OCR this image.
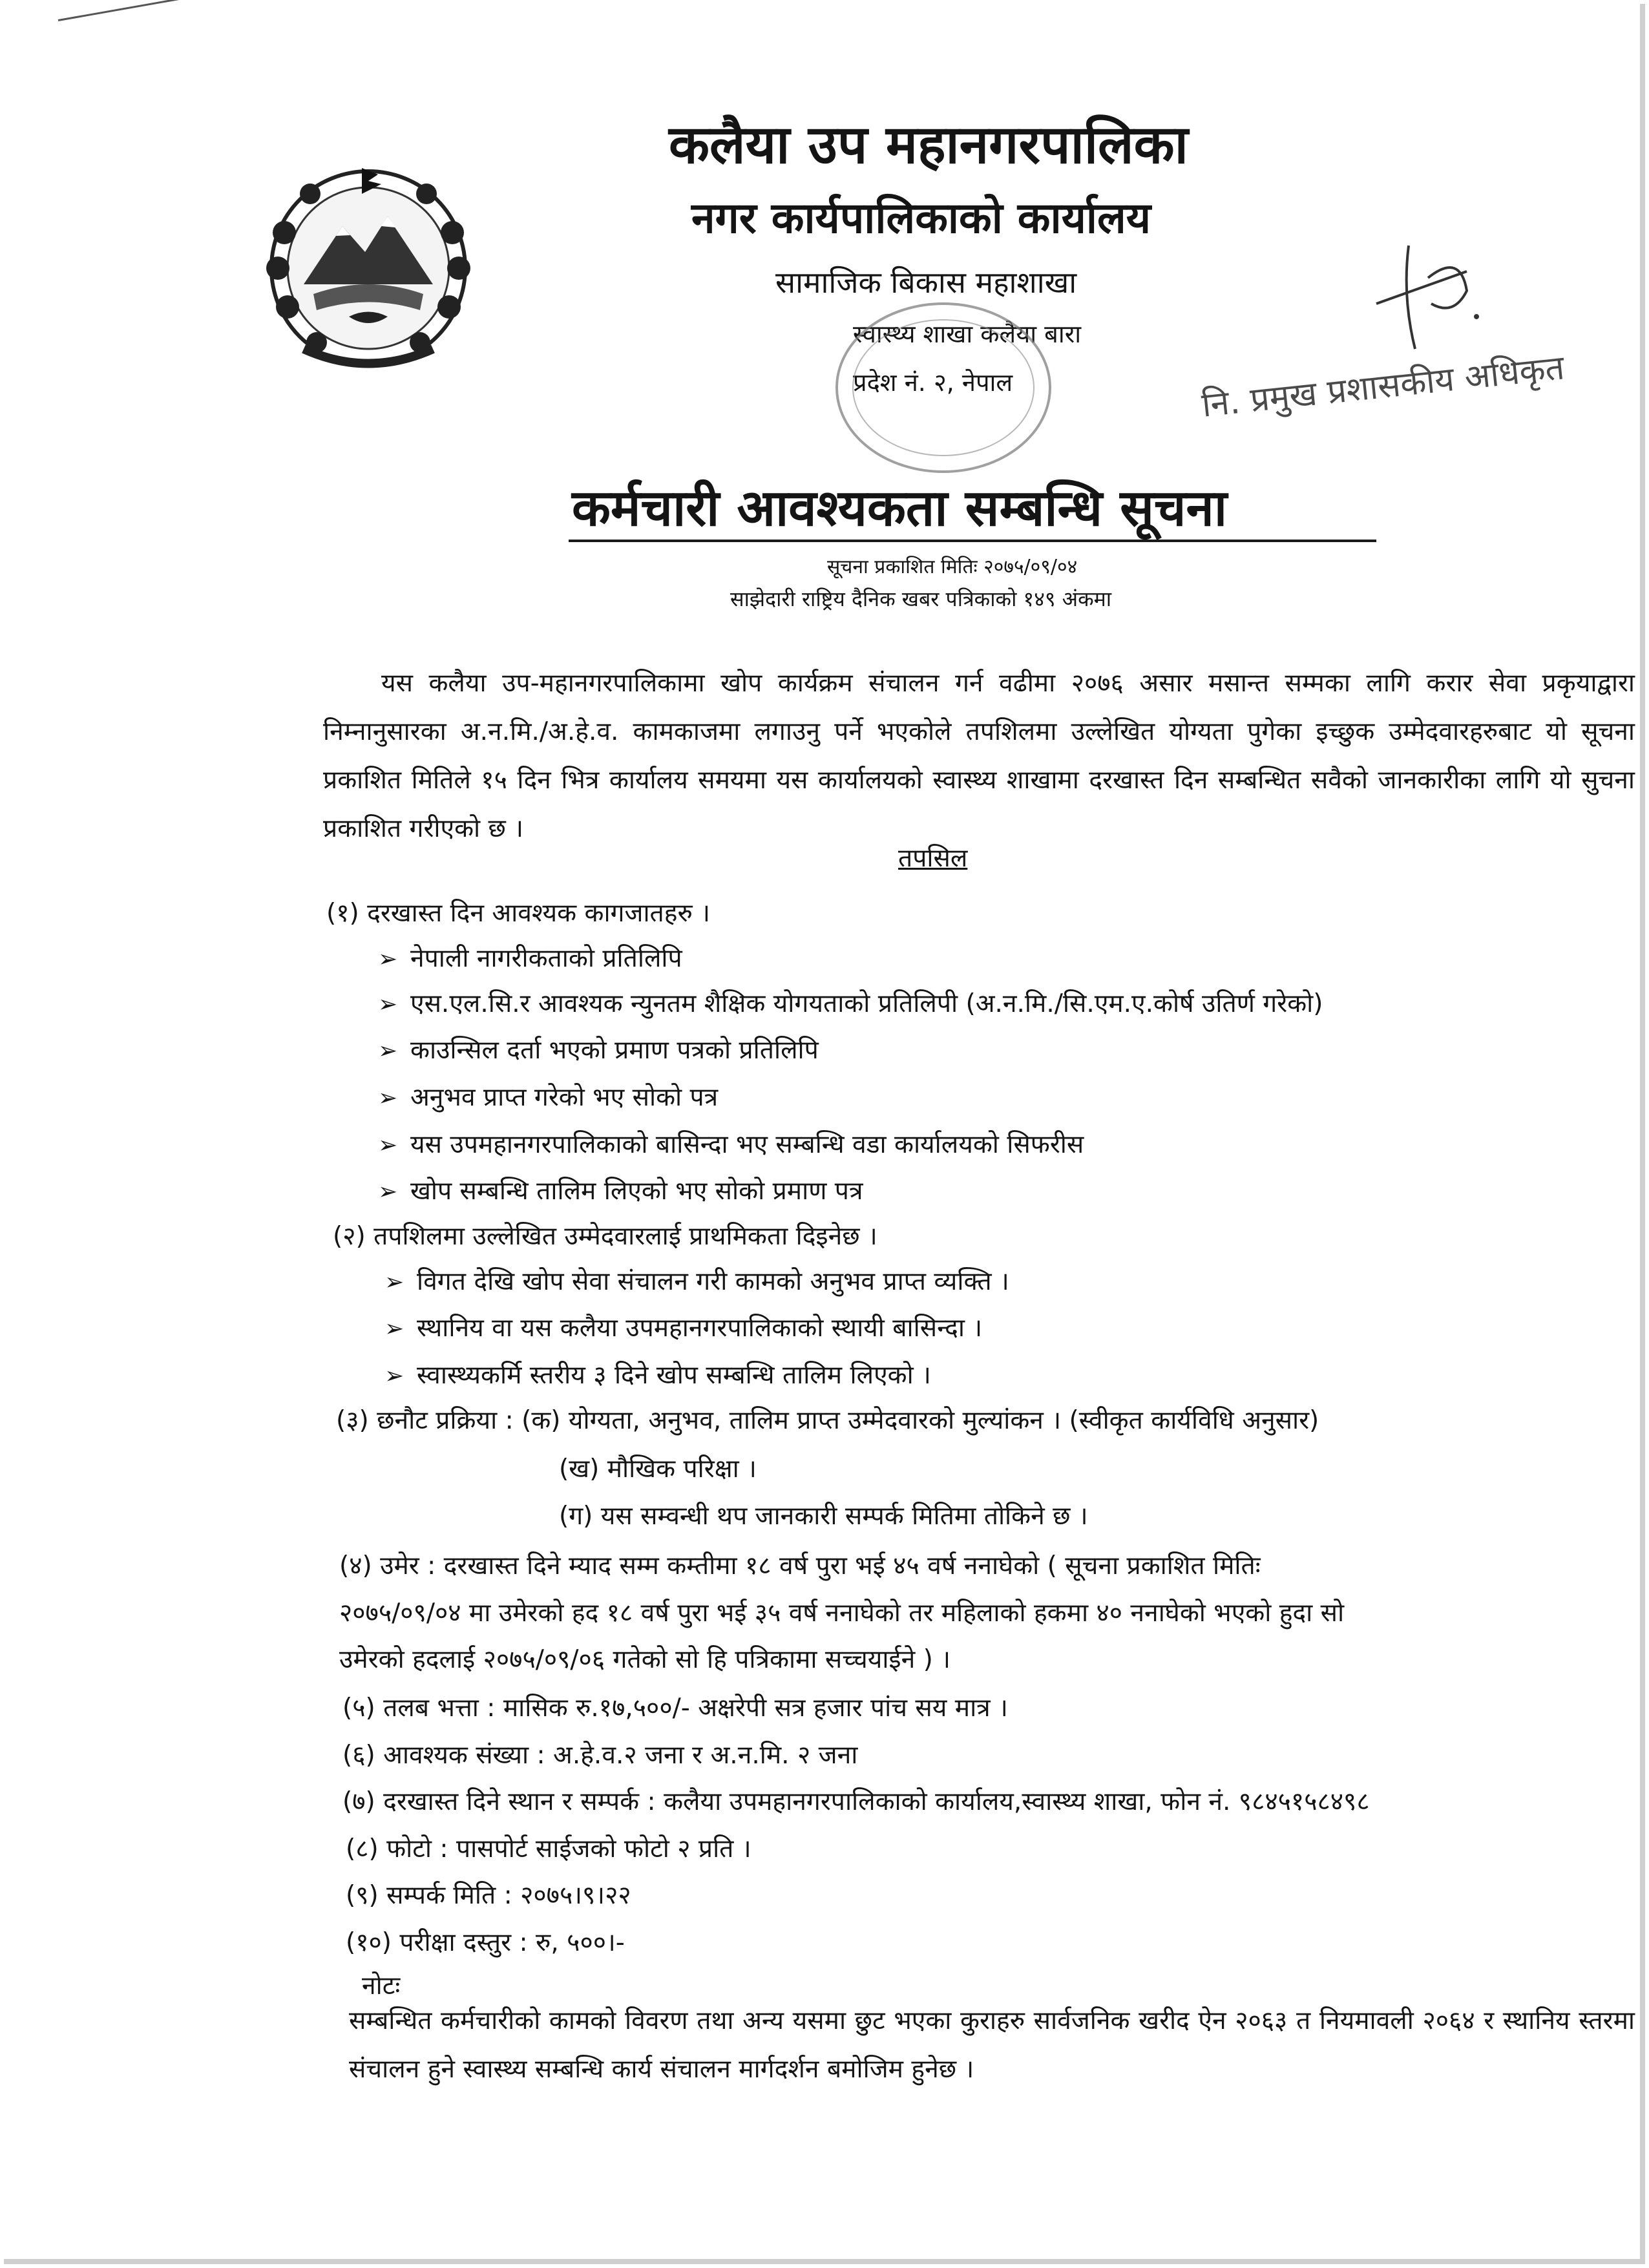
कलैया उप महानगरपालिका
नगर कार्यपालिकाको कार्यालय
सामाजिक बिकास महाशाखा
स्वास्थ्य शाखा कलैया बारा
प्रदेश नं. २, नेपाल	नि. प्रमुख प्रशासकीय अधिकृत
कर्मचारी आवश्यकता सम्बन्धि सूचना
सूचना प्रकाशित मितिः २०७५/०९/०४
साझेदारी राष्ट्रिय दैनिक खबर पत्रिकाको १४९ अंकमा
यस कलैया उप-महानगरपालिकामा खोप कार्यक्रम संचालन गर्न वढीमा २०७६ असार मसान्त सम्मका लागि करार सेवा प्रकृयाद्वारा निम्नानुसारका अ.न.मि./अ.हे.व. कामकाजमा लगाउनु पर्ने भएकोले तपशिलमा उल्लेखित योग्यता पुगेका इच्छुक उम्मेदवारहरुबाट यो सूचना प्रकाशित मितिले १५ दिन भित्र कार्यालय समयमा यस कार्यालयको स्वास्थ्य शाखामा दरखास्त दिन सम्बन्धित सवैको जानकारीका लागि यो सुचना प्रकाशित गरीएको छ ।
तपसिल
(१) दरखास्त दिन आवश्यक कागजातहरु ।
➢ नेपाली नागरीकताको प्रतिलिपि
➢ एस.एल.सि.र आवश्यक न्युनतम शैक्षिक योगयताको प्रतिलिपी (अ.न.मि./सि.एम.ए.कोर्ष उतिर्ण गरेको)
➢ काउन्सिल दर्ता भएको प्रमाण पत्रको प्रतिलिपि
➢ अनुभव प्राप्त गरेको भए सोको पत्र
➢ यस उपमहानगरपालिकाको बासिन्दा भए सम्बन्धि वडा कार्यालयको सिफरीस
➢ खोप सम्बन्धि तालिम लिएको भए सोको प्रमाण पत्र
(२) तपशिलमा उल्लेखित उम्मेदवारलाई प्राथमिकता दिइनेछ ।
➢ विगत देखि खोप सेवा संचालन गरी कामको अनुभव प्राप्त व्यक्ति ।
➢ स्थानिय वा यस कलैया उपमहानगरपालिकाको स्थायी बासिन्दा ।
➢ स्वास्थ्यकर्मि स्तरीय ३ दिने खोप सम्बन्धि तालिम लिएको ।
(३) छनौट प्रक्रिया : (क) योग्यता, अनुभव, तालिम प्राप्त उम्मेदवारको मुल्यांकन । (स्वीकृत कार्यविधि अनुसार)
(ख) मौखिक परिक्षा ।
(ग) यस सम्वन्धी थप जानकारी सम्पर्क मितिमा तोकिने छ ।
(४) उमेर : दरखास्त दिने म्याद सम्म कम्तीमा १८ वर्ष पुरा भई ४५ वर्ष ननाघेको ( सूचना प्रकाशित मितिः
२०७५/०९/०४ मा उमेरको हद १८ वर्ष पुरा भई ३५ वर्ष ननाघेको तर महिलाको हकमा ४० ननाघेको भएको हुदा सो
उमेरको हदलाई २०७५/०९/०६ गतेको सो हि पत्रिकामा सच्चयाईने ) ।
(५) तलब भत्ता : मासिक रु.१७,५००/- अक्षरेपी सत्र हजार पांच सय मात्र ।
(६) आवश्यक संख्या : अ.हे.व.२ जना र अ.न.मि. २ जना
(७) दरखास्त दिने स्थान र सम्पर्क : कलैया उपमहानगरपालिकाको कार्यालय,स्वास्थ्य शाखा, फोन नं. ९८४५१५८४९८
(८) फोटो : पासपोर्ट साईजको फोटो २ प्रति ।
(९) सम्पर्क मिति : २०७५।९।२२
(१०) परीक्षा दस्तुर : रु, ५००।-
नोटः
सम्बन्धित कर्मचारीको कामको विवरण तथा अन्य यसमा छुट भएका कुराहरु सार्वजनिक खरीद ऐन २०६३ त नियमावली २०६४ र स्थानिय स्तरमा संचालन हुने स्वास्थ्य सम्बन्धि कार्य संचालन मार्गदर्शन बमोजिम हुनेछ ।
